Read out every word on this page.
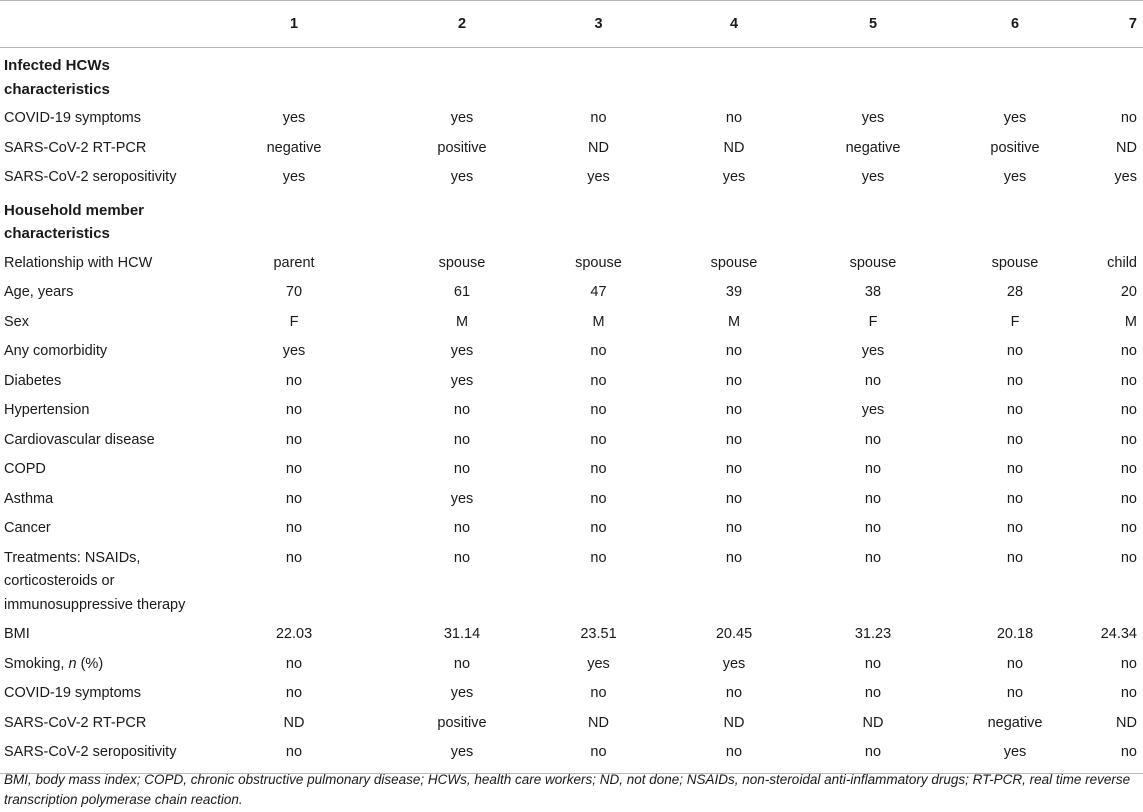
	1	2	3	4	5	6	7
Infected HCWs characteristics							
COVID-19 symptoms	yes	yes	no	no	yes	yes	no
SARS-CoV-2 RT-PCR	negative	positive	ND	ND	negative	positive	ND
SARS-CoV-2 seropositivity	yes	yes	yes	yes	yes	yes	yes
Household member characteristics							
Relationship with HCW	parent	spouse	spouse	spouse	spouse	spouse	child
Age, years	70	61	47	39	38	28	20
Sex	F	M	M	M	F	F	M
Any comorbidity	yes	yes	no	no	yes	no	no
Diabetes	no	yes	no	no	no	no	no
Hypertension	no	no	no	no	yes	no	no
Cardiovascular disease	no	no	no	no	no	no	no
COPD	no	no	no	no	no	no	no
Asthma	no	yes	no	no	no	no	no
Cancer	no	no	no	no	no	no	no
Treatments: NSAIDs, corticosteroids or immunosuppressive therapy	no	no	no	no	no	no	no
BMI	22.03	31.14	23.51	20.45	31.23	20.18	24.34
Smoking, n (%)	no	no	yes	yes	no	no	no
COVID-19 symptoms	no	yes	no	no	no	no	no
SARS-CoV-2 RT-PCR	ND	positive	ND	ND	ND	negative	ND
SARS-CoV-2 seropositivity	no	yes	no	no	no	yes	no
BMI, body mass index; COPD, chronic obstructive pulmonary disease; HCWs, health care workers; ND, not done; NSAIDs, non-steroidal anti-inflammatory drugs; RT-PCR, real time reverse transcription polymerase chain reaction.
